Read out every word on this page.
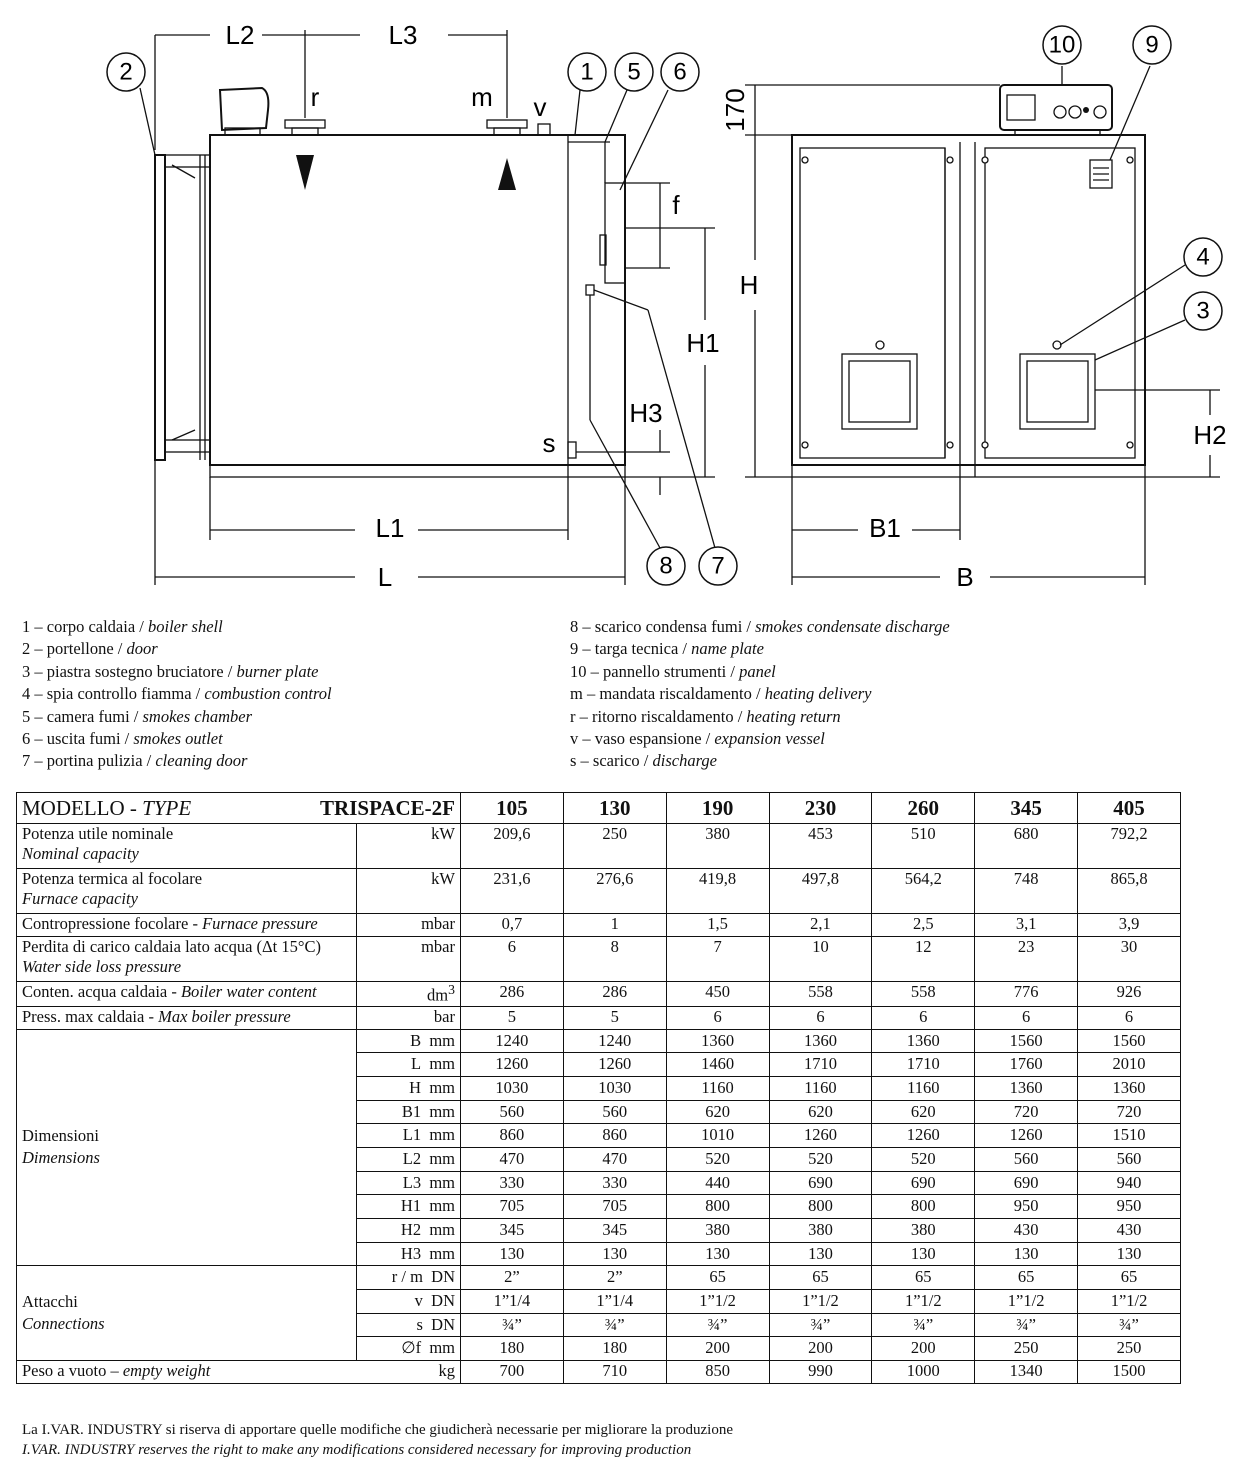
L2	L3
L1
L
f
H1
H3
H
H2
B1
B
170
r	m v
s
2	1 5 6
8 7
10	9
4
3
1 – corpo caldaia / boiler shell
2 – portellone / door
3 – piastra sostegno bruciatore / burner plate
4 – spia controllo fiamma / combustion control
5 – camera fumi / smokes chamber
6 – uscita fumi / smokes outlet
7 – portina pulizia / cleaning door
8 – scarico condensa fumi / smokes condensate discharge
9 – targa tecnica / name plate
10 – pannello strumenti / panel
m – mandata riscaldamento / heating delivery
r – ritorno riscaldamento / heating return
v – vaso espansione / expansion vessel
s – scarico / discharge
MODELLO - TYPE TRISPACE-2F		105	130	190	230	260	345	405
Potenza utile nominale
Nominal capacity	kW	209,6	250	380	453	510	680	792,2
Potenza termica al focolare
Furnace capacity	kW	231,6	276,6	419,8	497,8	564,2	748	865,8
Contropressione focolare - Furnace pressure	mbar	0,7	1	1,5	2,1	2,5	3,1	3,9
Perdita di carico caldaia lato acqua (Δt 15°C)
Water side loss pressure	mbar	6	8	7	10	12	23	30
Conten. acqua caldaia - Boiler water content	$dm^3$	286	286	450	558	558	776	926
Press. max caldaia - Max boiler pressure	bar	5	5	6	6	6	6	6
Dimensioni
Dimensions	B mm	1240	1240	1360	1360	1360	1560	1560
	L mm	1260	1260	1460	1710	1710	1760	2010
	H mm	1030	1030	1160	1160	1160	1360	1360
	B1 mm	560	560	620	620	620	720	720
	L1 mm	860	860	1010	1260	1260	1260	1510
	L2 mm	470	470	520	520	520	560	560
	L3 mm	330	330	440	690	690	690	940
	H1 mm	705	705	800	800	800	950	950
	H2 mm	345	345	380	380	380	430	430
	H3 mm	130	130	130	130	130	130	130
Attacchi
Connections	r / m DN	2”	2”	65	65	65	65	65
	v DN	1”1/4	1”1/4	1”1/2	1”1/2	1”1/2	1”1/2	1”1/2
	s DN	¾”	¾”	¾”	¾”	¾”	¾”	¾”
	∅f mm	180	180	200	200	200	250	250
Peso a vuoto – empty weight	kg	700	710	850	990	1000	1340	1500
La I.VAR. INDUSTRY si riserva di apportare quelle modifiche che giudicherà necessarie per migliorare la produzione
I.VAR. INDUSTRY reserves the right to make any modifications considered necessary for improving production
